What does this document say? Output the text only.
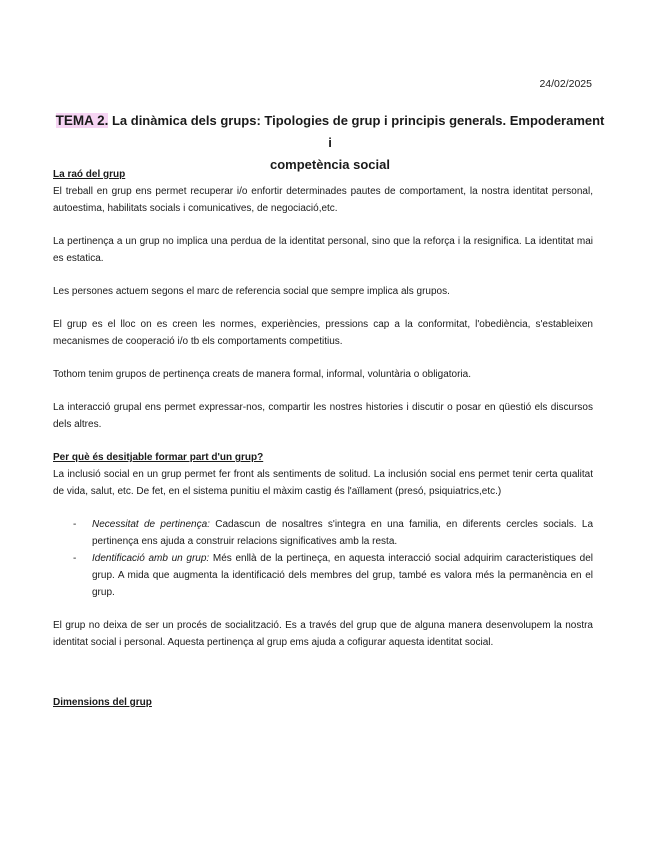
24/02/2025
TEMA 2. La dinàmica dels grups: Tipologies de grup i principis generals. Empoderament i
competència social
La raó del grup

El treball en grup ens permet recuperar i/o enfortir determinades pautes de comportament, la nostra identitat personal, autoestima, habilitats socials i comunicatives, de negociació,etc.

La pertinença a un grup no implica una perdua de la identitat personal, sino que la reforça i la resignifica. La identitat mai es estatica.

Les persones actuem segons el marc de referencia social que sempre implica als grupos.

El grup es el lloc on es creen les normes, experiències, pressions cap a la conformitat, l'obediència, s'estableixen mecanismes de cooperació i/o tb els comportaments competitius.

Tothom tenim grupos de pertinença creats de manera formal, informal, voluntària o obligatoria.

La interacció grupal ens permet expressar-nos, compartir les nostres histories i discutir o posar en qüestió els discursos dels altres.

Per què és desitjable formar part d'un grup?

La inclusió social en un grup permet fer front als sentiments de solitud. La inclusión social ens permet tenir certa qualitat de vida, salut, etc. De fet, en el sistema punitiu el màxim castig és l'aïllament (presó, psiquiatrics,etc.)

- Necessitat de pertinença: Cadascun de nosaltres s'integra en una familia, en diferents cercles socials. La pertinença ens ajuda a construir relacions significatives amb la resta.
- Identificació amb un grup: Més enllà de la pertineça, en aquesta interacció social adquirim caracteristiques del grup. A mida que augmenta la identificació dels membres del grup, també es valora més la permanència en el grup.

El grup no deixa de ser un procés de socialització. Es a través del grup que de alguna manera desenvolupem la nostra identitat social i personal. Aquesta pertinença al grup ems ajuda a cofigurar aquesta identitat social.

Dimensions del grup
